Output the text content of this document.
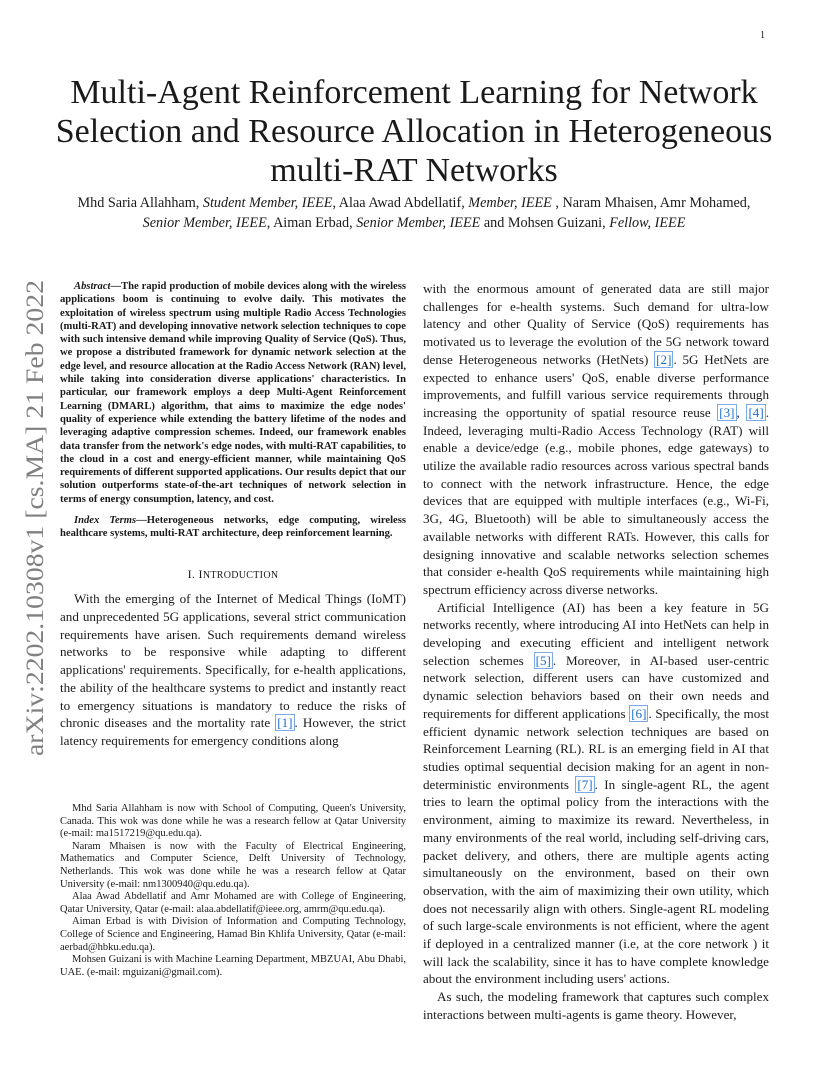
1
arXiv:2202.10308v1 [cs.MA] 21 Feb 2022
Multi-Agent Reinforcement Learning for Network Selection and Resource Allocation in Heterogeneous multi-RAT Networks
Mhd Saria Allahham, Student Member, IEEE, Alaa Awad Abdellatif, Member, IEEE , Naram Mhaisen, Amr Mohamed, Senior Member, IEEE, Aiman Erbad, Senior Member, IEEE and Mohsen Guizani, Fellow, IEEE

Abstract—The rapid production of mobile devices along with the wireless applications boom is continuing to evolve daily. This motivates the exploitation of wireless spectrum using multiple Radio Access Technologies (multi-RAT) and developing innovative network selection techniques to cope with such intensive demand while improving Quality of Service (QoS). Thus, we propose a distributed framework for dynamic network selection at the edge level, and resource allocation at the Radio Access Network (RAN) level, while taking into consideration diverse applications' characteristics. In particular, our framework employs a deep Multi-Agent Reinforcement Learning (DMARL) algorithm, that aims to maximize the edge nodes' quality of experience while extending the battery lifetime of the nodes and leveraging adaptive compression schemes. Indeed, our framework enables data transfer from the network's edge nodes, with multi-RAT capabilities, to the cloud in a cost and energy-efficient manner, while maintaining QoS requirements of different supported applications. Our results depict that our solution outperforms state-of-the-art techniques of network selection in terms of energy consumption, latency, and cost.

Index Terms—Heterogeneous networks, edge computing, wireless healthcare systems, multi-RAT architecture, deep reinforcement learning.

I. INTRODUCTION

With the emerging of the Internet of Medical Things (IoMT) and unprecedented 5G applications, several strict communication requirements have arisen. Such requirements demand wireless networks to be responsive while adapting to different applications' requirements. Specifically, for e-health applications, the ability of the healthcare systems to predict and instantly react to emergency situations is mandatory to reduce the risks of chronic diseases and the mortality rate [1] . However, the strict latency requirements for emergency conditions along

Mhd Saria Allahham is now with School of Computing, Queen's University, Canada. This wok was done while he was a research fellow at Qatar University (e-mail: ma1517219@qu.edu.qa).

Naram Mhaisen is now with the Faculty of Electrical Engineering, Mathematics and Computer Science, Delft University of Technology, Netherlands. This wok was done while he was a research fellow at Qatar University (e-mail: nm1300940@qu.edu.qa).

Alaa Awad Abdellatif and Amr Mohamed are with College of Engineering, Qatar University, Qatar (e-mail: alaa.abdellatif@ieee.org, amrm@qu.edu.qa).

Aiman Erbad is with Division of Information and Computing Technology, College of Science and Engineering, Hamad Bin Khlifa University, Qatar (e-mail: aerbad@hbku.edu.qa).

Mohsen Guizani is with Machine Learning Department, MBZUAI, Abu Dhabi, UAE. (e-mail: mguizani@gmail.com).

with the enormous amount of generated data are still major challenges for e-health systems. Such demand for ultra-low latency and other Quality of Service (QoS) requirements has motivated us to leverage the evolution of the 5G network toward dense Heterogeneous networks (HetNets) [2] . 5G HetNets are expected to enhance users' QoS, enable diverse performance improvements, and fulfill various service requirements through increasing the opportunity of spatial resource reuse [3] , [4] . Indeed, leveraging multi-Radio Access Technology (RAT) will enable a device/edge (e.g., mobile phones, edge gateways) to utilize the available radio resources across various spectral bands to connect with the network infrastructure. Hence, the edge devices that are equipped with multiple interfaces (e.g., Wi-Fi, 3G, 4G, Bluetooth) will be able to simultaneously access the available networks with different RATs. However, this calls for designing innovative and scalable networks selection schemes that consider e-health QoS requirements while maintaining high spectrum efficiency across diverse networks.

Artificial Intelligence (AI) has been a key feature in 5G networks recently, where introducing AI into HetNets can help in developing and executing efficient and intelligent network selection schemes [5] . Moreover, in AI-based user-centric network selection, different users can have customized and dynamic selection behaviors based on their own needs and requirements for different applications [6] . Specifically, the most efficient dynamic network selection techniques are based on Reinforcement Learning (RL). RL is an emerging field in AI that studies optimal sequential decision making for an agent in non-deterministic environments [7] . In single-agent RL, the agent tries to learn the optimal policy from the interactions with the environment, aiming to maximize its reward. Nevertheless, in many environments of the real world, including self-driving cars, packet delivery, and others, there are multiple agents acting simultaneously on the environment, based on their own observation, with the aim of maximizing their own utility, which does not necessarily align with others. Single-agent RL modeling of such large-scale environments is not efficient, where the agent if deployed in a centralized manner (i.e, at the core network ) it will lack the scalability, since it has to have complete knowledge about the environment including users' actions.

As such, the modeling framework that captures such complex interactions between multi-agents is game theory. However,
